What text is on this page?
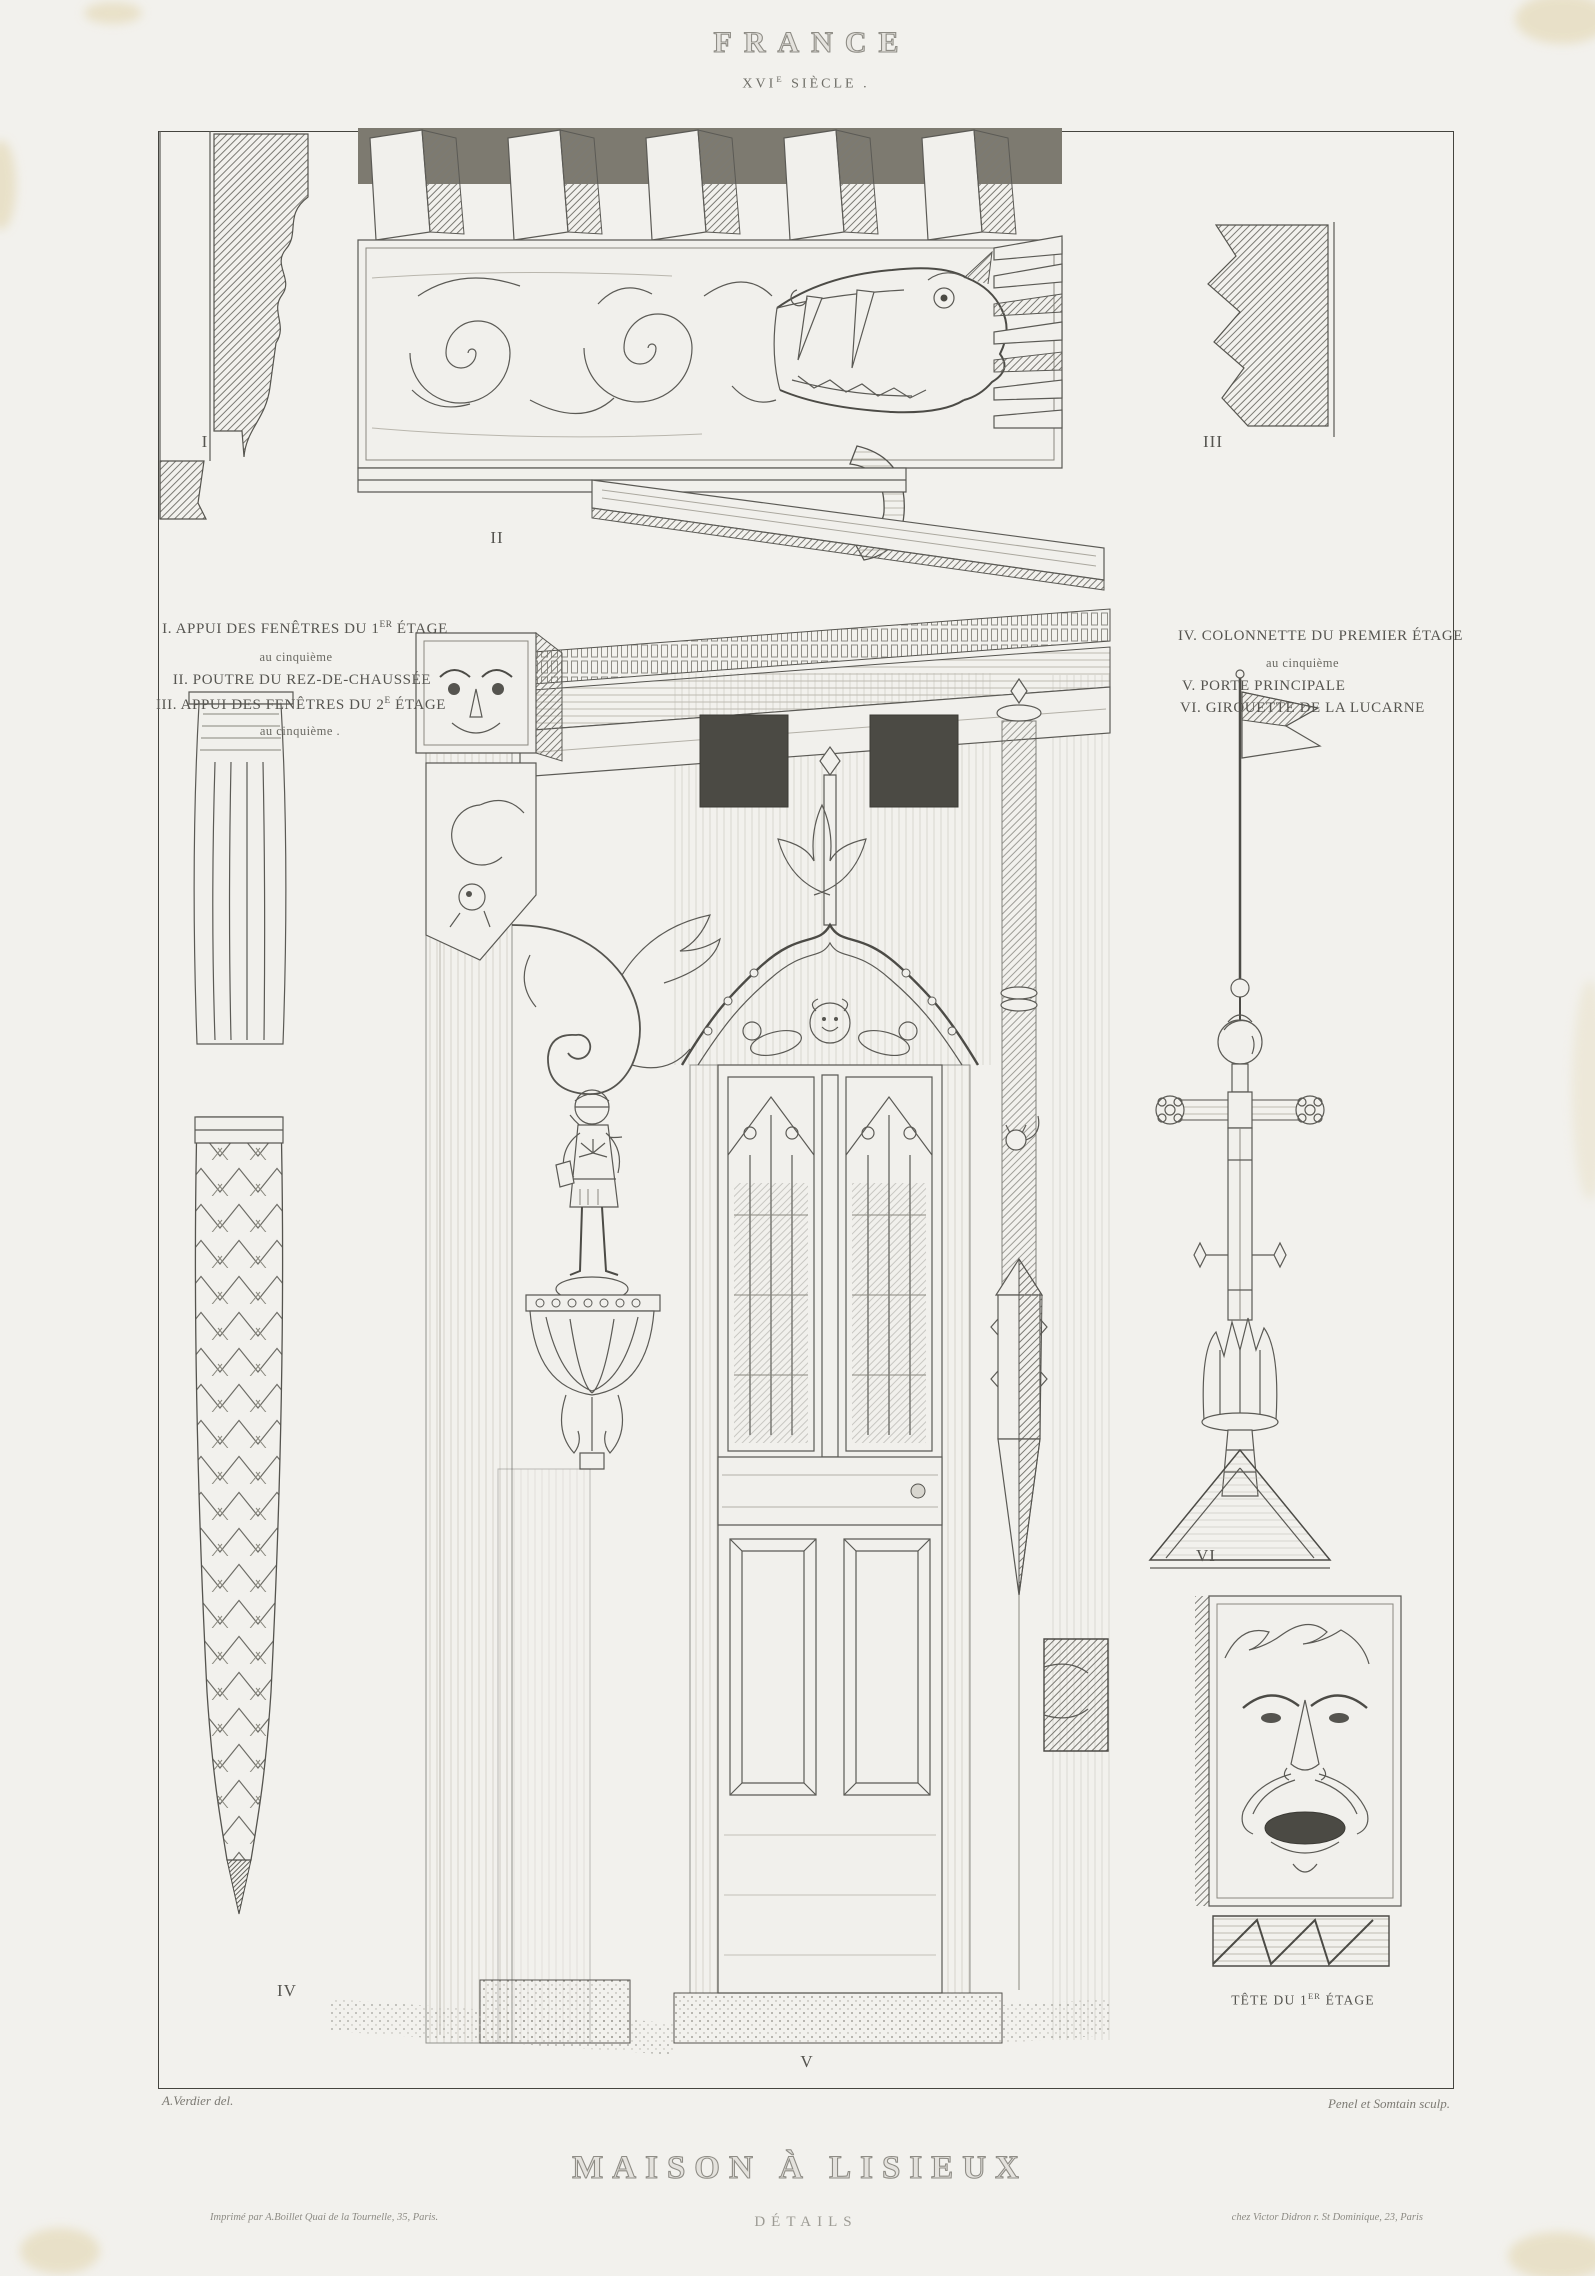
FRANCE
$XVI^E$ SIÈCLE .
I. APPUI DES FENÊTRES DU 1ER ÉTAGE
au cinquième
II. POUTRE DU REZ-DE-CHAUSSÉE
III. APPUI DES FENÊTRES DU $2^E$ ÉTAGE
au cinquième .
IV. COLONNETTE DU PREMIER ÉTAGE
au cinquième
V. PORTE PRINCIPALE
VI. GIROUETTE DE LA LUCARNE
I
II
III
IV
V
VI
TÊTE DU 1ER ÉTAGE
A.Verdier del.	Penel et Somtain sculp.
MAISON À LISIEUX
DÉTAILS
Imprimé par A.Boillet Quai de la Tournelle, 35, Paris.	chez Victor Didron r. St Dominique, 23, Paris
